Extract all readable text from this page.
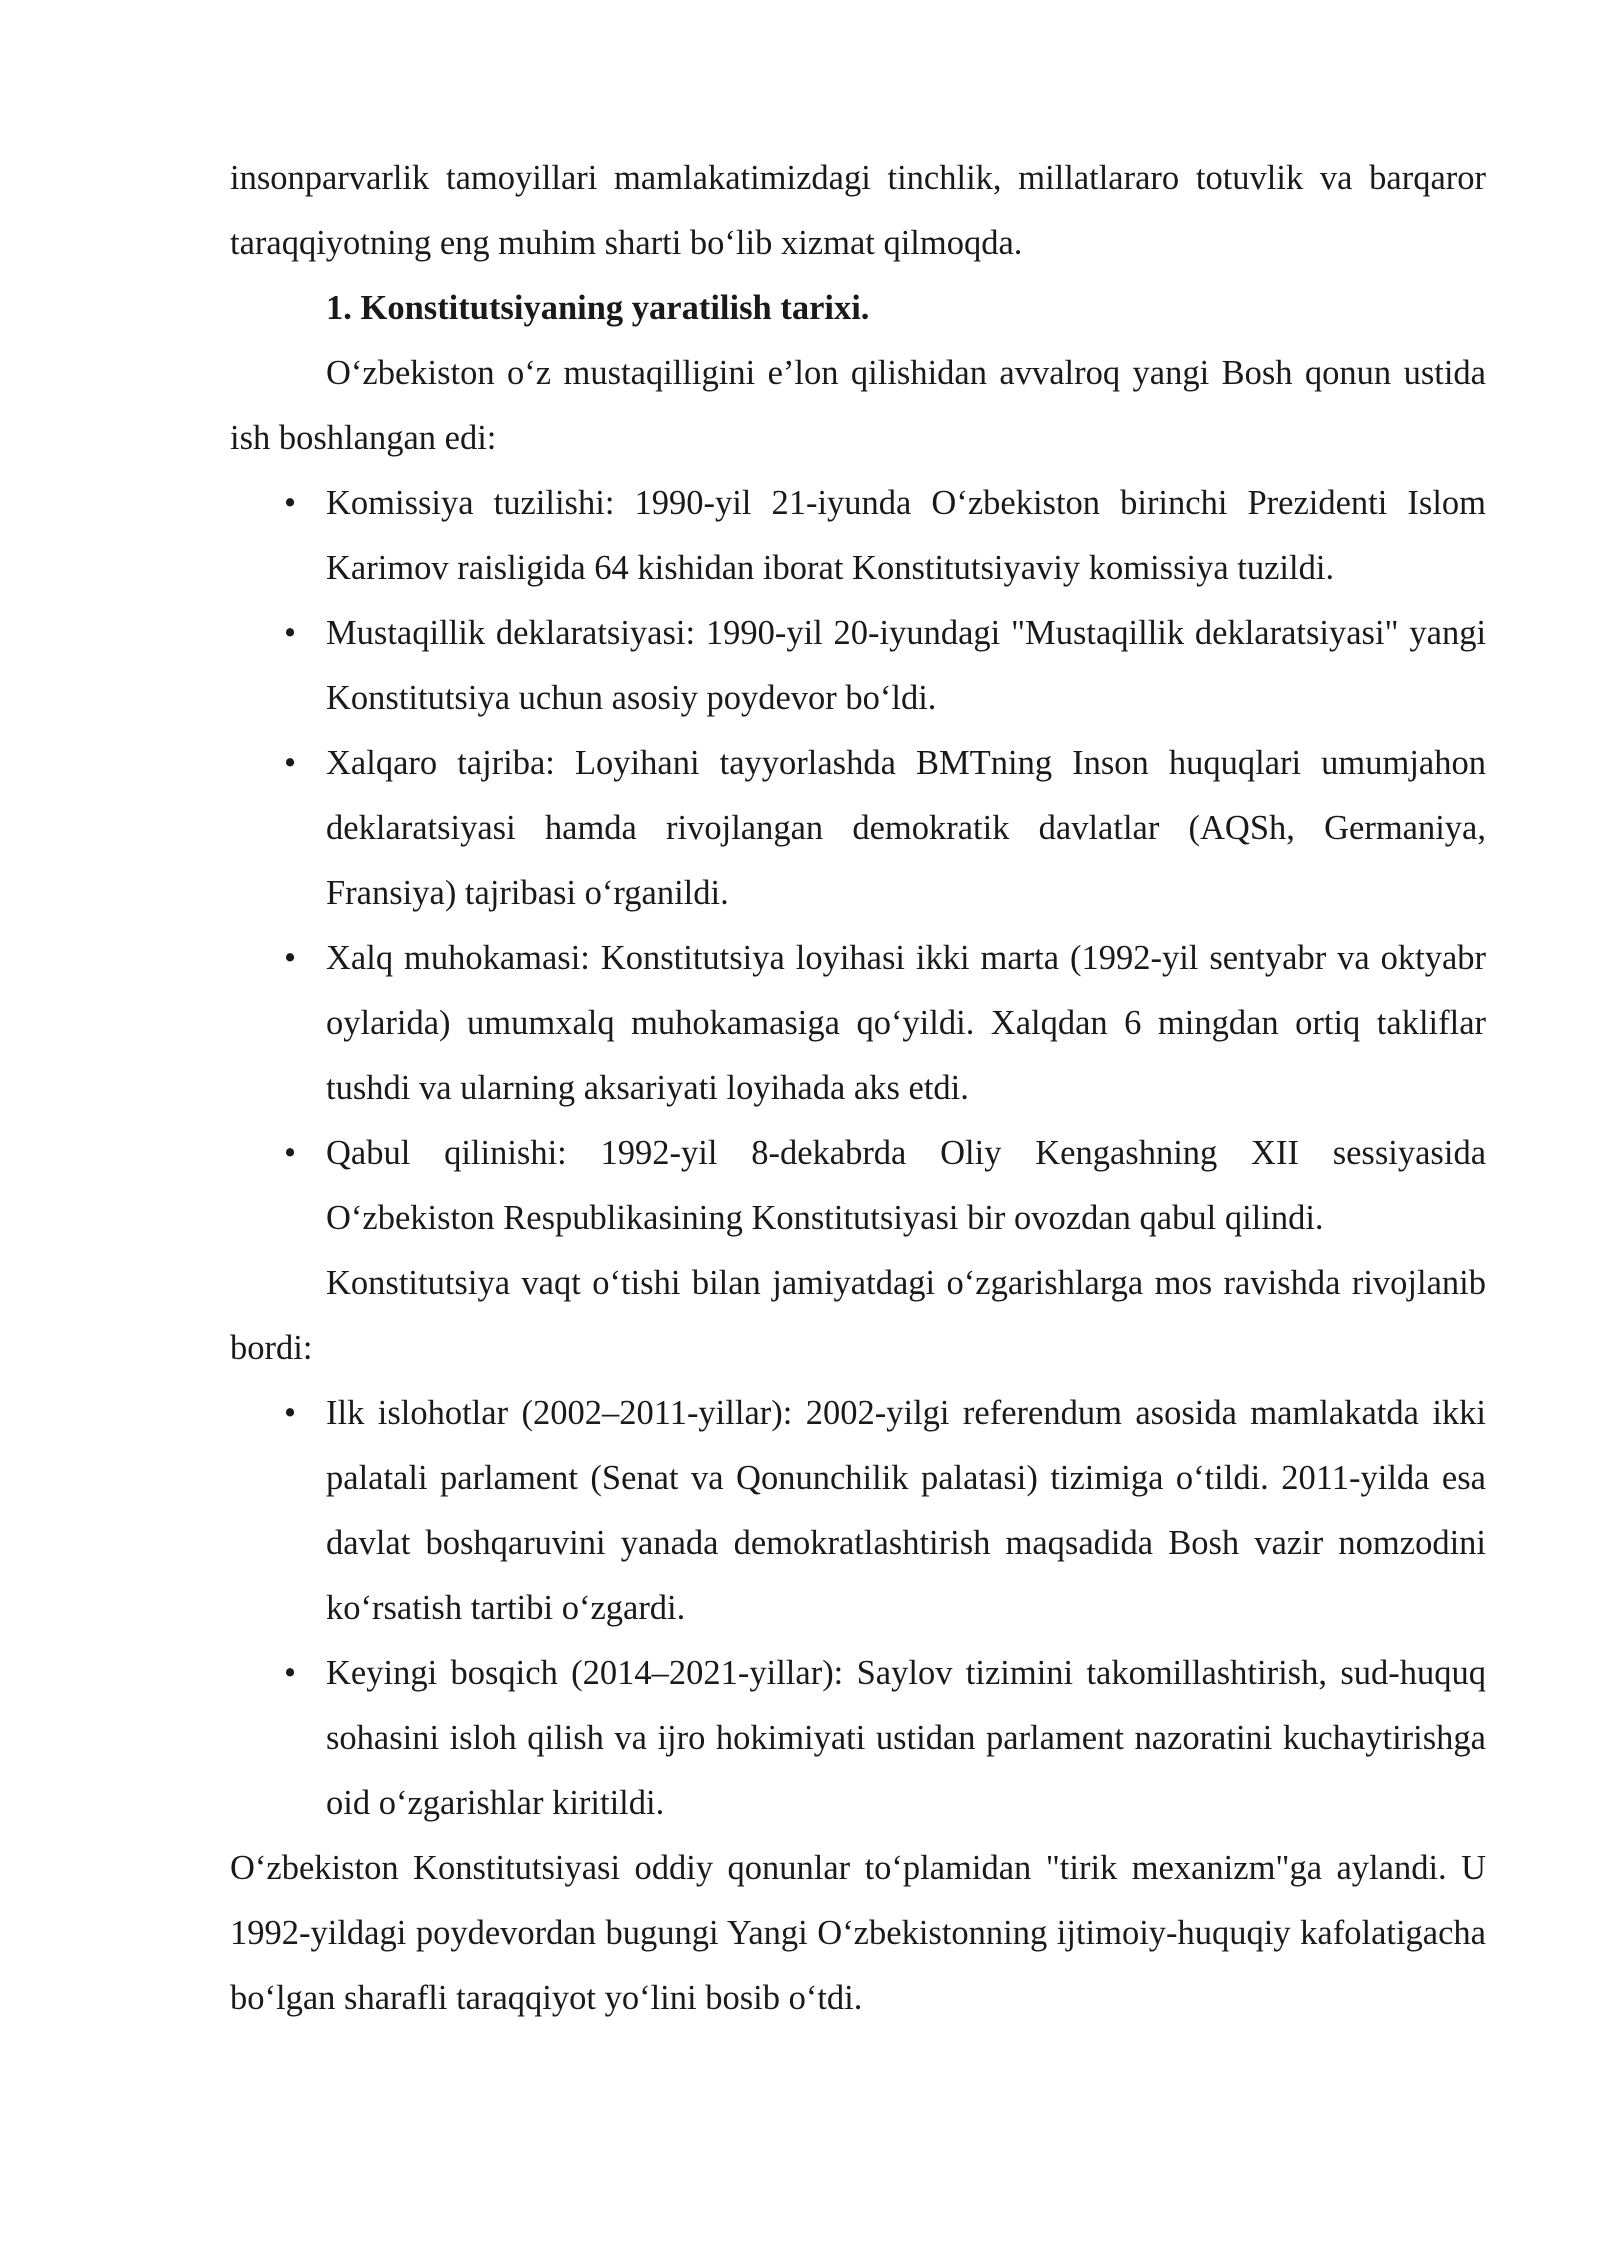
insonparvarlik tamoyillari mamlakatimizdagi tinchlik, millatlararo totuvlik va barqaror taraqqiyotning eng muhim sharti bo‘lib xizmat qilmoqda.

1. Konstitutsiyaning yaratilish tarixi.

O‘zbekiston o‘z mustaqilligini e’lon qilishidan avvalroq yangi Bosh qonun ustida ish boshlangan edi:

• Komissiya tuzilishi: 1990-yil 21-iyunda O‘zbekiston birinchi Prezidenti Islom Karimov raisligida 64 kishidan iborat Konstitutsiyaviy komissiya tuzildi.
• Mustaqillik deklaratsiyasi: 1990-yil 20-iyundagi "Mustaqillik deklaratsiyasi" yangi Konstitutsiya uchun asosiy poydevor bo‘ldi.
• Xalqaro tajriba: Loyihani tayyorlashda BMTning Inson huquqlari umumjahon deklaratsiyasi hamda rivojlangan demokratik davlatlar (AQSh, Germaniya, Fransiya) tajribasi o‘rganildi.
• Xalq muhokamasi: Konstitutsiya loyihasi ikki marta (1992-yil sentyabr va oktyabr oylarida) umumxalq muhokamasiga qo‘yildi. Xalqdan 6 mingdan ortiq takliflar tushdi va ularning aksariyati loyihada aks etdi.
• Qabul qilinishi: 1992-yil 8-dekabrda Oliy Kengashning XII sessiyasida O‘zbekiston Respublikasining Konstitutsiyasi bir ovozdan qabul qilindi.

Konstitutsiya vaqt o‘tishi bilan jamiyatdagi o‘zgarishlarga mos ravishda rivojlanib bordi:

• Ilk islohotlar (2002–2011-yillar): 2002-yilgi referendum asosida mamlakatda ikki palatali parlament (Senat va Qonunchilik palatasi) tizimiga o‘tildi. 2011-yilda esa davlat boshqaruvini yanada demokratlashtirish maqsadida Bosh vazir nomzodini ko‘rsatish tartibi o‘zgardi.
• Keyingi bosqich (2014–2021-yillar): Saylov tizimini takomillashtirish, sud-huquq sohasini isloh qilish va ijro hokimiyati ustidan parlament nazoratini kuchaytirishga oid o‘zgarishlar kiritildi.

O‘zbekiston Konstitutsiyasi oddiy qonunlar to‘plamidan "tirik mexanizm"ga aylandi. U 1992-yildagi poydevordan bugungi Yangi O‘zbekistonning ijtimoiy-huquqiy kafolatigacha bo‘lgan sharafli taraqqiyot yo‘lini bosib o‘tdi.
